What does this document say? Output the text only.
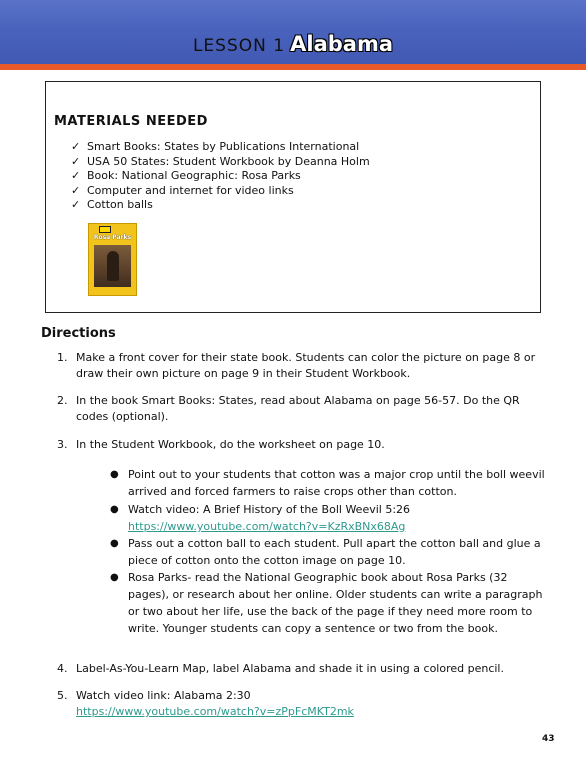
LESSON 1 Alabama
MATERIALS NEEDED
✓ Smart Books: States by Publications International
✓ USA 50 States: Student Workbook by Deanna Holm
✓ Book: National Geographic: Rosa Parks
✓ Computer and internet for video links
✓ Cotton balls
Rosa Parks
Directions
1. Make a front cover for their state book. Students can color the picture on page 8 or draw their own picture on page 9 in their Student Workbook.
2. In the book Smart Books: States, read about Alabama on page 56-57. Do the QR codes (optional).
3. In the Student Workbook, do the worksheet on page 10.
● Point out to your students that cotton was a major crop until the boll weevil arrived and forced farmers to raise crops other than cotton.
● Watch video: A Brief History of the Boll Weevil 5:26
https://www.youtube.com/watch?v=KzRxBNx68Ag
● Pass out a cotton ball to each student. Pull apart the cotton ball and glue a piece of cotton onto the cotton image on page 10.
● Rosa Parks- read the National Geographic book about Rosa Parks (32 pages), or research about her online. Older students can write a paragraph or two about her life, use the back of the page if they need more room to write. Younger students can copy a sentence or two from the book.
4. Label-As-You-Learn Map, label Alabama and shade it in using a colored pencil.
5. Watch video link: Alabama 2:30
https://www.youtube.com/watch?v=zPpFcMKT2mk
43
